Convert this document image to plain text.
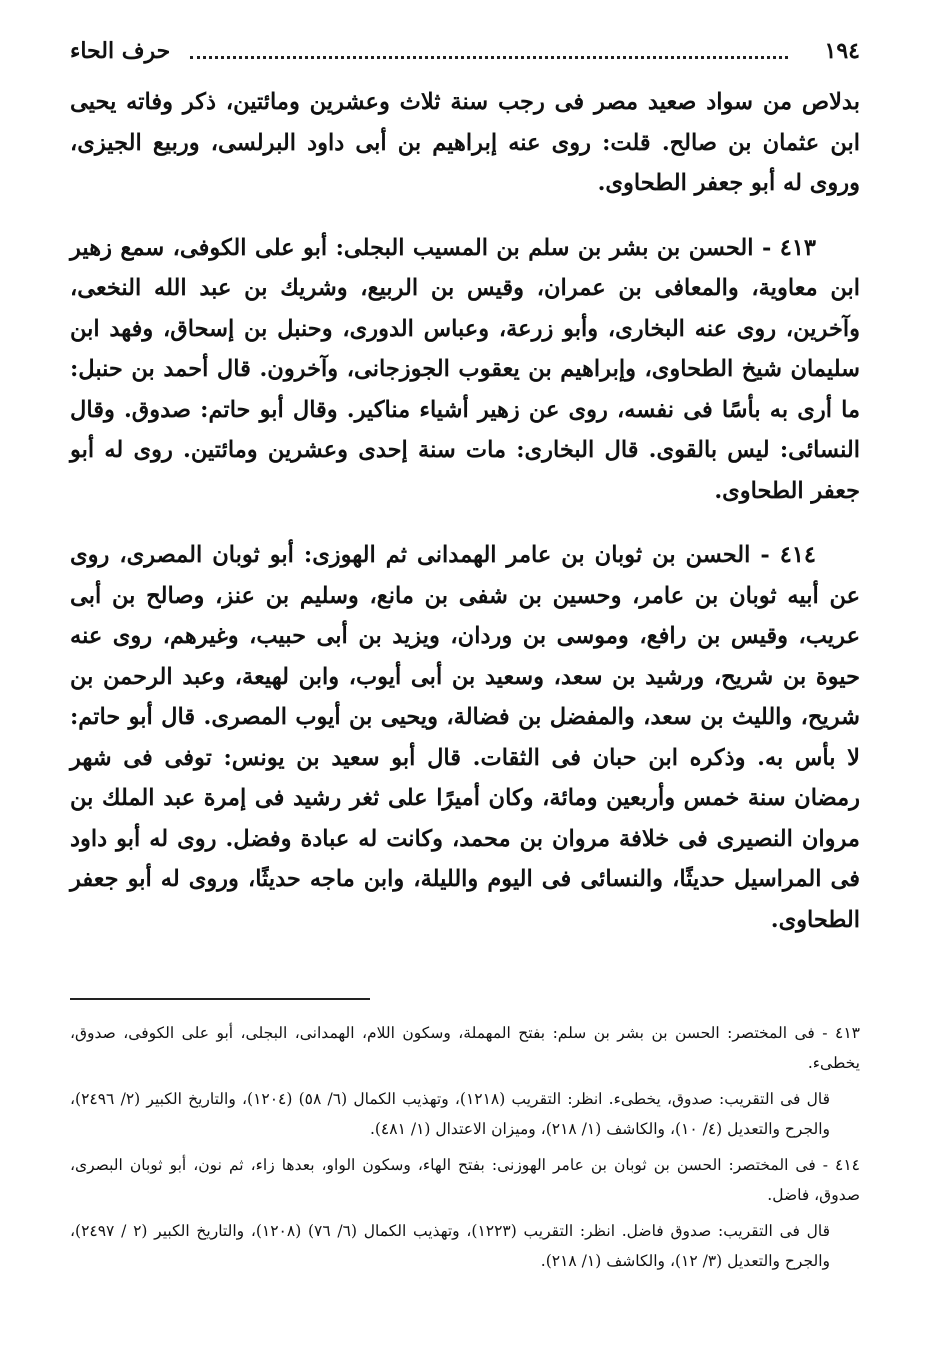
١٩٤
حرف الحاء

بدلاص من سواد صعيد مصر فى رجب سنة ثلاث وعشرين ومائتين، ذكر وفاته يحيى ابن عثمان بن صالح. قلت: روى عنه إبراهيم بن أبى داود البرلسى، وربيع الجيزى، وروى له أبو جعفر الطحاوى.

٤١٣ - الحسن بن بشر بن سلم بن المسيب البجلى: أبو على الكوفى، سمع زهير ابن معاوية، والمعافى بن عمران، وقيس بن الربيع، وشريك بن عبد الله النخعى، وآخرين، روى عنه البخارى، وأبو زرعة، وعباس الدورى، وحنبل بن إسحاق، وفهد ابن سليمان شيخ الطحاوى، وإبراهيم بن يعقوب الجوزجانى، وآخرون. قال أحمد بن حنبل: ما أرى به بأسًا فى نفسه، روى عن زهير أشياء مناكير. وقال أبو حاتم: صدوق. وقال النسائى: ليس بالقوى. قال البخارى: مات سنة إحدى وعشرين ومائتين. روى له أبو جعفر الطحاوى.

٤١٤ - الحسن بن ثوبان بن عامر الهمدانى ثم الهوزى: أبو ثوبان المصرى، روى عن أبيه ثوبان بن عامر، وحسين بن شفى بن مانع، وسليم بن عنز، وصالح بن أبى عريب، وقيس بن رافع، وموسى بن وردان، ويزيد بن أبى حبيب، وغيرهم، روى عنه حيوة بن شريح، ورشيد بن سعد، وسعيد بن أبى أيوب، وابن لهيعة، وعبد الرحمن بن شريح، والليث بن سعد، والمفضل بن فضالة، ويحيى بن أيوب المصرى. قال أبو حاتم: لا بأس به. وذكره ابن حبان فى الثقات. قال أبو سعيد بن يونس: توفى فى شهر رمضان سنة خمس وأربعين ومائة، وكان أميرًا على ثغر رشيد فى إمرة عبد الملك بن مروان النصيرى فى خلافة مروان بن محمد، وكانت له عبادة وفضل. روى له أبو داود فى المراسيل حديثًا، والنسائى فى اليوم والليلة، وابن ماجه حديثًا، وروى له أبو جعفر الطحاوى.

٤١٣ - فى المختصر: الحسن بن بشر بن سلم: بفتح المهملة، وسكون اللام، الهمدانى، البجلى، أبو على الكوفى، صدوق، يخطىء.

قال فى التقريب: صدوق، يخطىء. انظر: التقريب (١٢١٨)، وتهذيب الكمال (٦/ ٥٨) (١٢٠٤)، والتاريخ الكبير (٢/ ٢٤٩٦)، والجرح والتعديل (٤/ ١٠)، والكاشف (١/ ٢١٨)، وميزان الاعتدال (١/ ٤٨١).

٤١٤ - فى المختصر: الحسن بن ثوبان بن عامر الهوزنى: بفتح الهاء، وسكون الواو، بعدها زاء، ثم نون، أبو ثوبان البصرى، صدوق، فاضل.

قال فى التقريب: صدوق فاضل. انظر: التقريب (١٢٢٣)، وتهذيب الكمال (٦/ ٧٦) (١٢٠٨)، والتاريخ الكبير (٢ / ٢٤٩٧)، والجرح والتعديل (٣/ ١٢)، والكاشف (١/ ٢١٨).
